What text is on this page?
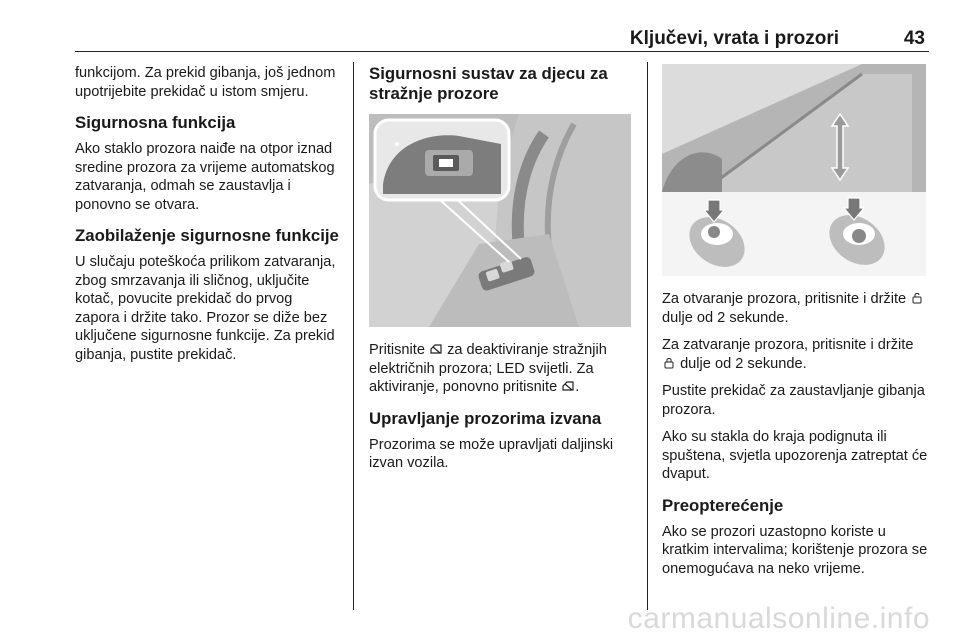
Ključevi, vrata i prozori	43

funkcijom. Za prekid gibanja, još jednom upotrijebite prekidač u istom smjeru.

Sigurnosna funkcija

Ako staklo prozora naiđe na otpor iznad sredine prozora za vrijeme automatskog zatvaranja, odmah se zaustavlja i ponovno se otvara.

Zaobilaženje sigurnosne funkcije

U slučaju poteškoća prilikom zatvaranja, zbog smrzavanja ili sličnog, uključite kotač, povucite prekidač do prvog zapora i držite tako. Prozor se diže bez uključene sigurnosne funkcije. Za prekid gibanja, pustite prekidač.

Sigurnosni sustav za djecu za stražnje prozore

Pritisnite za deaktiviranje stražnjih električnih prozora; LED svijetli. Za aktiviranje, ponovno pritisnite .

Upravljanje prozorima izvana

Prozorima se može upravljati daljinski izvan vozila.

Za otvaranje prozora, pritisnite i držite  dulje od 2 sekunde.

Za zatvaranje prozora, pritisnite i držite  dulje od 2 sekunde.

Pustite prekidač za zaustavljanje gibanja prozora.

Ako su stakla do kraja podignuta ili spuštena, svjetla upozorenja zatreptat će dvaput.

Preopterećenje

Ako se prozori uzastopno koriste u kratkim intervalima; korištenje prozora se onemogućava na neko vrijeme.

carmanualsonline.info
